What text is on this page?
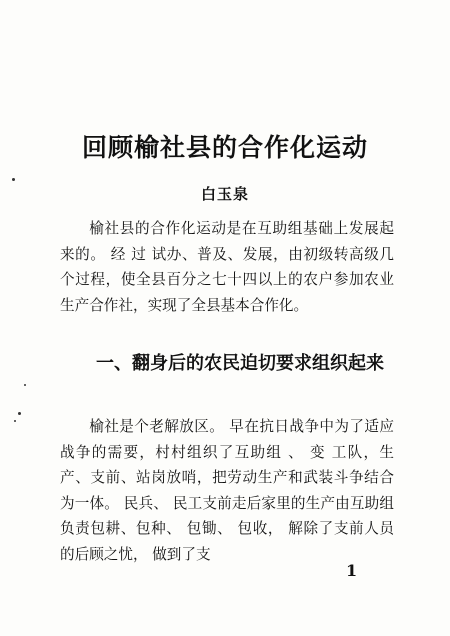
回顾榆社县的合作化运动
白玉泉

榆社县的合作化运动是在互助组基础上发展起来的。 经 过 试办、普及、发展，由初级转高级几个过程，使全县百分之七十四以上的农户参加农业生产合作社，实现了全县基本合作化。

一、翻身后的农民迫切要求组织起来

榆社是个老解放区。 早在抗日战争中为了适应战争的需要，村村组织了互助组 、 变 工队，生产、支前、站岗放哨，把劳动生产和武装斗争结合为一体。 民兵、 民工支前走后家里的生产由互助组负责包耕、包种、 包锄、 包收， 解除了支前人员的后顾之忧， 做到了支

1
